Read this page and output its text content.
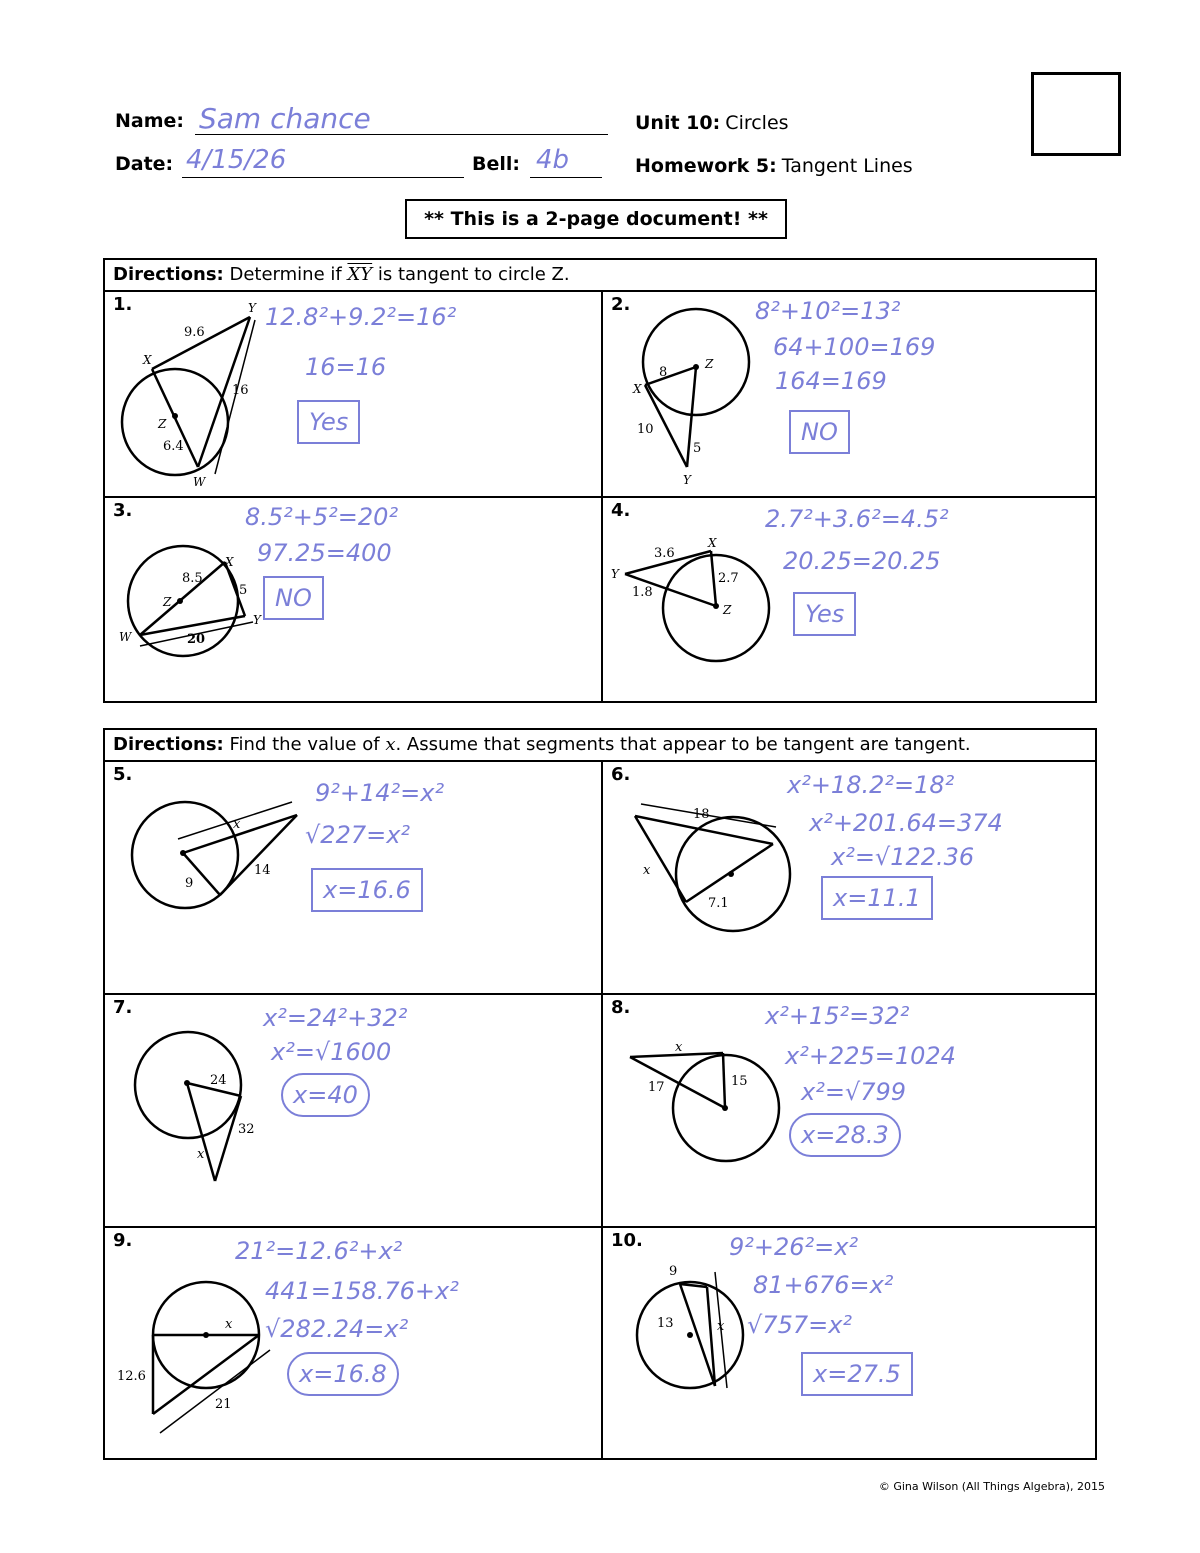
Name: Sam chance
Date: 4/15/26	Bell: 4b
Unit 10: Circles
Homework 5: Tangent Lines
** This is a 2-page document! **
Directions: Determine if $\overline{XY}$ is tangent to circle Z.
1.
9.6
16
6.4
X
Y
Z
W
12.8²+9.2²=16²
16=16
Yes
2.
8
10
5
X
Y
Z
8²+10²=13²
64+100=169
164=169
NO
3.
8.5
5
20
X
Y
Z
W
8.5²+5²=20²
97.25=400
NO
4.
3.6
2.7
1.8
X
Y
Z
2.7²+3.6²=4.5²
20.25=20.25
Yes
Directions: Find the value of x. Assume that segments that appear to be tangent are tangent.
5.
x
9
14
9²+14²=x²
√227=x²
x=16.6
6.
18
x
7.1
x²+18.2²=18²
x²+201.64=374
x²=√122.36
x=11.1
7.
24
32
x
x²=24²+32²
x²=√1600
x=40
8.
x
17	15
x²+15²=32²
x²+225=1024
x²=√799
x=28.3
9.
x
12.6
21
21²=12.6²+x²
441=158.76+x²
√282.24=x²
x=16.8
10.
9
13	x
9²+26²=x²
81+676=x²
√757=x²
x=27.5
© Gina Wilson (All Things Algebra), 2015
